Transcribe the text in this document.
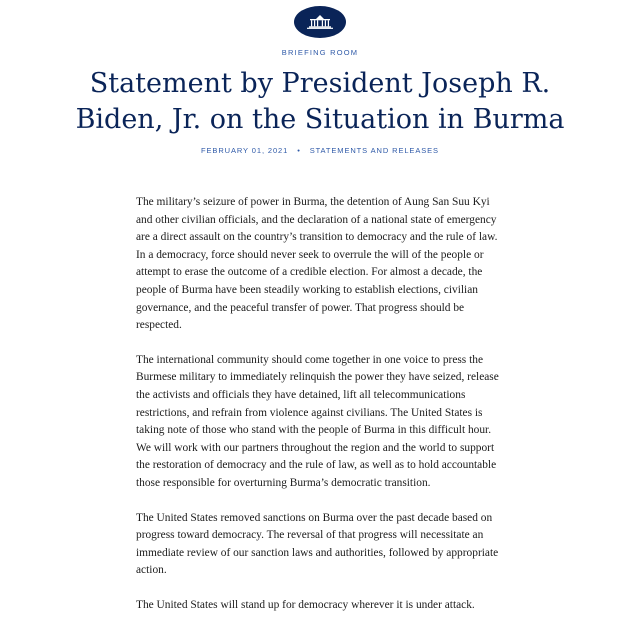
BRIEFING ROOM
Statement by President Joseph R. Biden, Jr. on the Situation in Burma
FEBRUARY 01, 2021 • STATEMENTS AND RELEASES

The military’s seizure of power in Burma, the detention of Aung San Suu Kyi and other civilian officials, and the declaration of a national state of emergency are a direct assault on the country’s transition to democracy and the rule of law. In a democracy, force should never seek to overrule the will of the people or attempt to erase the outcome of a credible election. For almost a decade, the people of Burma have been steadily working to establish elections, civilian governance, and the peaceful transfer of power. That progress should be respected.

The international community should come together in one voice to press the Burmese military to immediately relinquish the power they have seized, release the activists and officials they have detained, lift all telecommunications restrictions, and refrain from violence against civilians. The United States is taking note of those who stand with the people of Burma in this difficult hour. We will work with our partners throughout the region and the world to support the restoration of democracy and the rule of law, as well as to hold accountable those responsible for overturning Burma’s democratic transition.

The United States removed sanctions on Burma over the past decade based on progress toward democracy. The reversal of that progress will necessitate an immediate review of our sanction laws and authorities, followed by appropriate action.

The United States will stand up for democracy wherever it is under attack.
